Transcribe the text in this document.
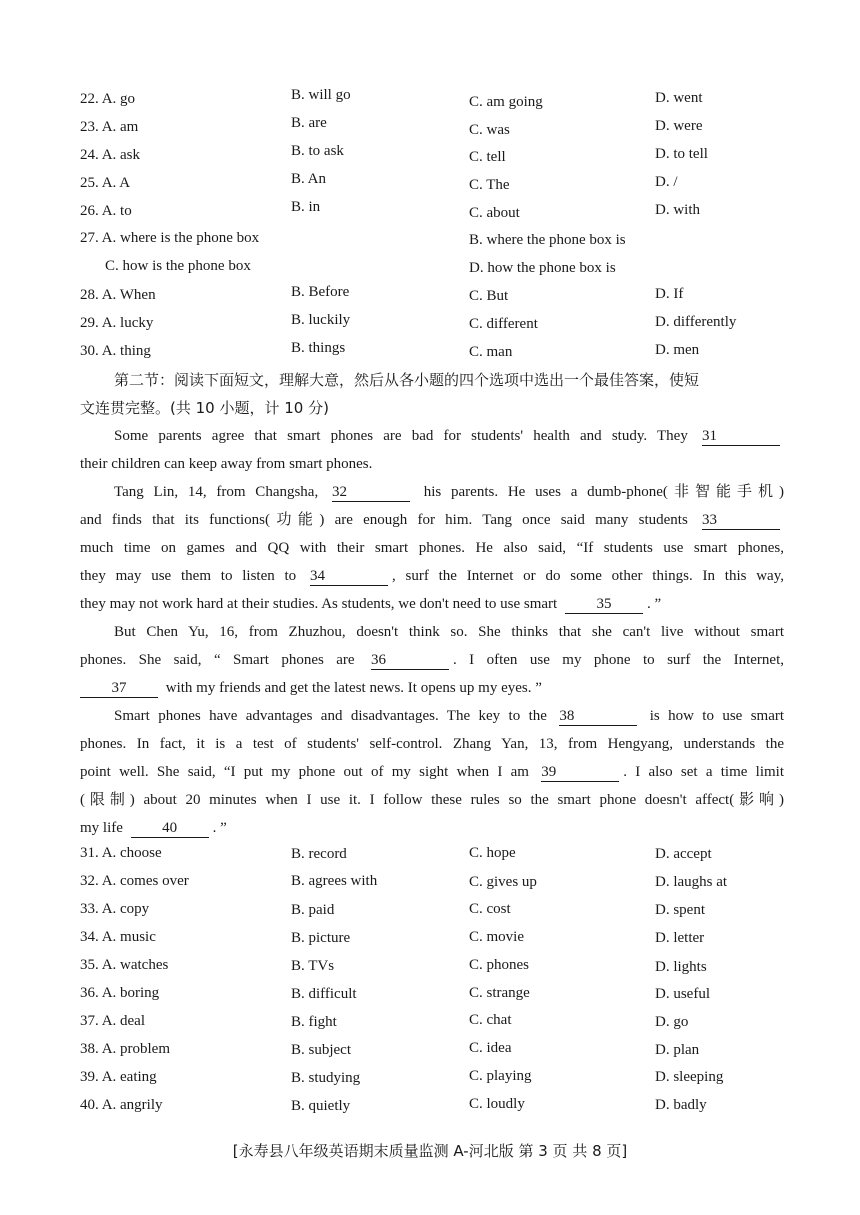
22. A. go	B. will go	C. am going	D. went
23. A. am	B. are	C. was	D. were
24. A. ask	B. to ask	C. tell	D. to tell
25. A. A	B. An	C. The	D. /
26. A. to	B. in	C. about	D. with
27. A. where is the phone box	B. where the phone box is
C. how is the phone box	D. how the phone box is
28. A. When	B. Before	C. But	D. If
29. A. lucky	B. luckily	C. different	D. differently
30. A. thing	B. things	C. man	D. men
第二节：阅读下面短文，理解大意，然后从各小题的四个选项中选出一个最佳答案，使短
文连贯完整。(共 10 小题，计 10 分)
Some parents agree that smart phones are bad for students' health and study. They 31
their children can keep away from smart phones.
Tang Lin, 14, from Changsha, 32	his parents. He uses a dumb-phone(非智能手机)
and finds that its functions(功能) are enough for him. Tang once said many students 33
much time on games and QQ with their smart phones. He also said, “If students use smart phones,
they may use them to listen to 34	, surf the Internet or do some other things. In this way,
they may not work hard at their studies. As students, we don't need to use smart	35 . ”
But Chen Yu, 16, from Zhuzhou, doesn't think so. She thinks that she can't live without smart
phones. She said, “ Smart phones are 36	. I often use my phone to surf the Internet,
37	with my friends and get the latest news. It opens up my eyes. ”
Smart phones have advantages and disadvantages. The key to the 38	is how to use smart
phones. In fact, it is a test of students' self-control. Zhang Yan, 13, from Hengyang, understands the
point well. She said, “I put my phone out of my sight when I am 39	. I also set a time limit
(限制) about 20 minutes when I use it. I follow these rules so the smart phone doesn't affect(影响)
my life	40 . ”
31. A. choose	B. record	C. hope	D. accept
32. A. comes over	B. agrees with	C. gives up	D. laughs at
33. A. copy	B. paid	C. cost	D. spent
34. A. music	B. picture	C. movie	D. letter
35. A. watches	B. TVs	C. phones	D. lights
36. A. boring	B. difficult	C. strange	D. useful
37. A. deal	B. fight	C. chat	D. go
38. A. problem	B. subject	C. idea	D. plan
39. A. eating	B. studying	C. playing	D. sleeping
40. A. angrily	B. quietly	C. loudly	D. badly
[永寿县八年级英语期末质量监测 A-河北版 第 3 页 共 8 页]
